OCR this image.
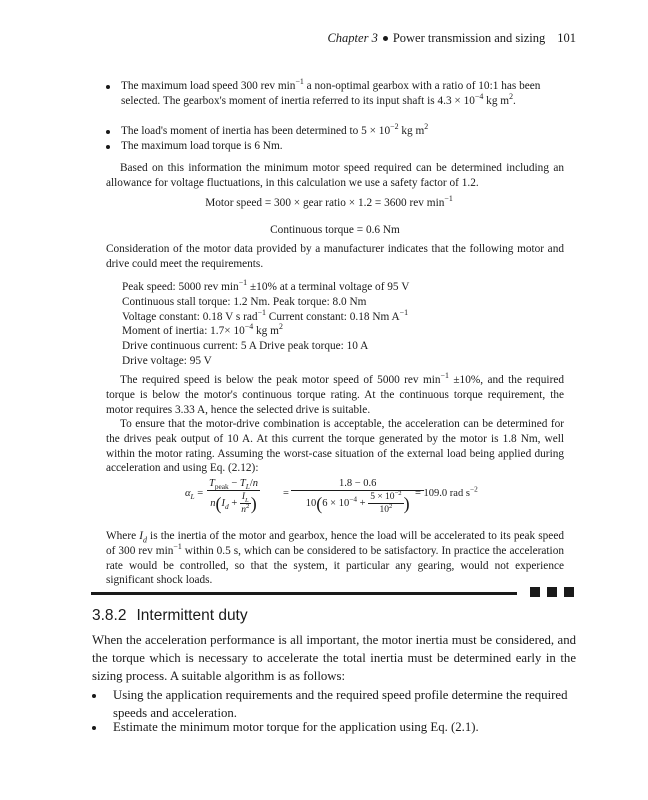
Chapter 3 Power transmission and sizing 101
The maximum load speed 300 rev $\min^{-1} a$ non-optimal gearbox with a ratio of 10:1 has been selected. The gearbox's moment of inertia referred to its input shaft is $4.3 \times 10^{-4}$ kg $m^2$.
The load's moment of inertia has been determined to $5 \times 10^{-2}$ kg $m^2$
The maximum load torque is 6 Nm.
Based on this information the minimum motor speed required can be determined including an allowance for voltage fluctuations, in this calculation we use a safety factor of 1.2.
Motor speed = 300 × gear ratio × 1.2 = 3600 rev $\min^{-1}$
Continuous torque = 0.6 Nm
Consideration of the motor data provided by a manufacturer indicates that the following motor and drive could meet the requirements.
Peak speed: 5000 rev $\min^{-1} \pm 10\%$ at a terminal voltage of 95 V
Continuous stall torque: 1.2 Nm. Peak torque: 8.0 Nm
Voltage constant: 0.18 V s rad$^{-1}$ Current constant: 0.18 Nm $A^{-1}$
Moment of inertia: $1.7\times 10^{-4}$ kg $m^2$
Drive continuous current: 5 A Drive peak torque: 10 A
Drive voltage: 95 V
The required speed is below the peak motor speed of 5000 rev $\min^{-1} \pm 10\%$, and the required torque is below the motor's continuous torque rating. At the continuous torque requirement, the motor requires 3.33 A, hence the selected drive is suitable.
To ensure that the motor-drive combination is acceptable, the acceleration can be determined for the drives peak output of 10 A. At this current the torque generated by the motor is 1.8 Nm, well within the motor rating. Assuming the worst-case situation of the external load being applied during acceleration and using Eq. (2.12):
$\alpha_L$ =
$T_{peak} - T_L/n$
$n(I_d + \frac{I_L}{n^2}$ )	= $\frac{1.8 - 0.6}{10(6 \times 10^{-4} + \frac{5 \times 10^{-2}}{10^2} )}$
= 109.0 rad $s^{-2}$
Where $I_d$ is the inertia of the motor and gearbox, hence the load will be accelerated to its peak speed of 300 rev $\min^{-1}$ within 0.5 s, which can be considered to be satisfactory. In practice the acceleration rate would be controlled, so that the system, it particular any gearing, would not experience significant shock loads.
3.8.2 Intermittent duty
When the acceleration performance is all important, the motor inertia must be considered, and the torque which is necessary to accelerate the total inertia must be determined early in the sizing process. A suitable algorithm is as follows:
Using the application requirements and the required speed profile determine the required speeds and acceleration.
Estimate the minimum motor torque for the application using Eq. (2.1).
